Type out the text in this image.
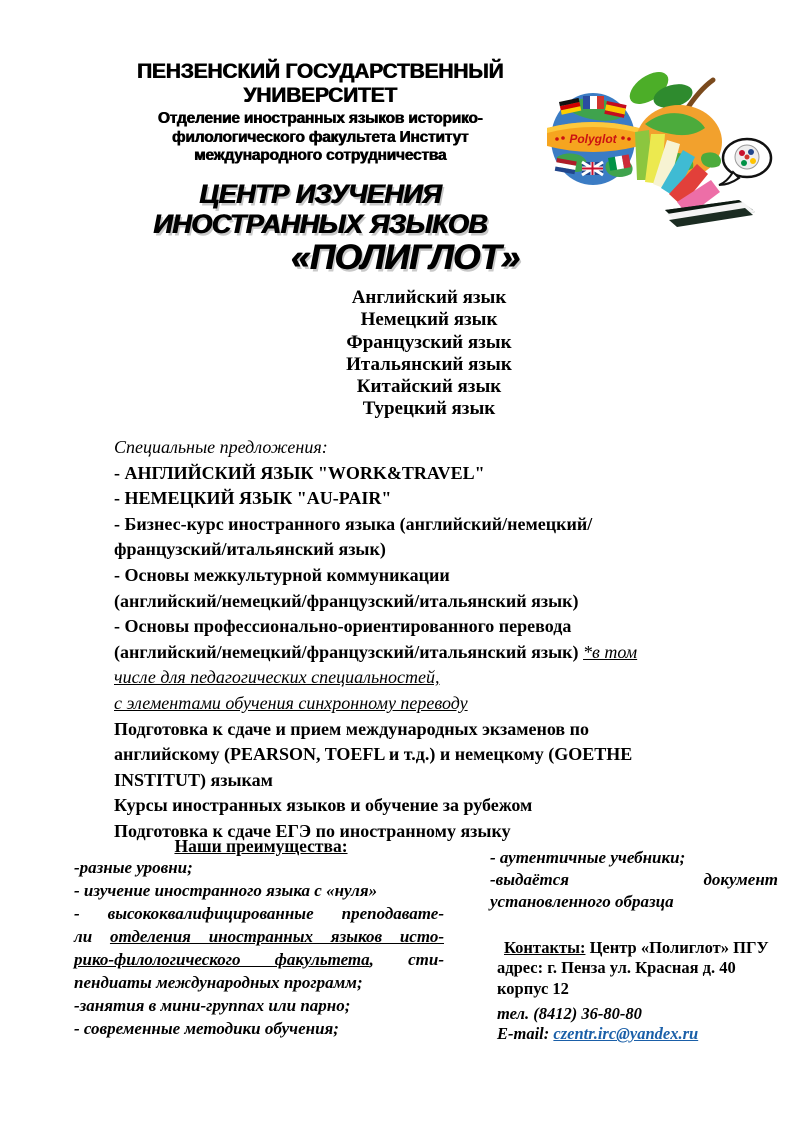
ПЕНЗЕНСКИЙ ГОСУДАРСТВЕННЫЙ
УНИВЕРСИТЕТ
Отделение иностранных языков историко-
филологического факультета Институт
международного сотрудничества
ЦЕНТР ИЗУЧЕНИЯ
ИНОСТРАННЫХ ЯЗЫКОВ
«ПОЛИГЛОТ»
Polyglot
Английский язык
Немецкий язык
Французский язык
Итальянский язык
Китайский язык
Турецкий язык
Специальные предложения:
- АНГЛИЙСКИЙ ЯЗЫК "WORK&TRAVEL"
- НЕМЕЦКИЙ ЯЗЫК "AU-PAIR"
- Бизнес-курс иностранного языка (английский/немецкий/
французский/итальянский язык)
- Основы межкультурной коммуникации
(английский/немецкий/французский/итальянский язык)
- Основы профессионально-ориентированного перевода
(английский/немецкий/французский/итальянский язык) *в том
числе для педагогических специальностей,
с элементами обучения синхронному переводу
Подготовка к сдаче и прием международных экзаменов по
английскому (PEARSON, TOEFL и т.д.) и немецкому (GOETHE
INSTITUT) языкам
Курсы иностранных языков и обучение за рубежом
Подготовка к сдаче ЕГЭ по иностранному языку
Наши преимущества:
-разные уровни;
- изучение иностранного языка с «нуля»
- высококвалифицированные преподавате-
ли отделения иностранных языков исто-
рико-филологического факультета, сти-
пендиаты международных программ;
-занятия в мини-группах или парно;
- современные методики обучения;
- аутентичные учебники;
-выдаётся	документ
установленного образца
Контакты: Центр «Полиглот» ПГУ
адрес: г. Пенза ул. Красная д. 40
корпус 12
тел. (8412) 36-80-80
E-mail: czentr.irc@yandex.ru
